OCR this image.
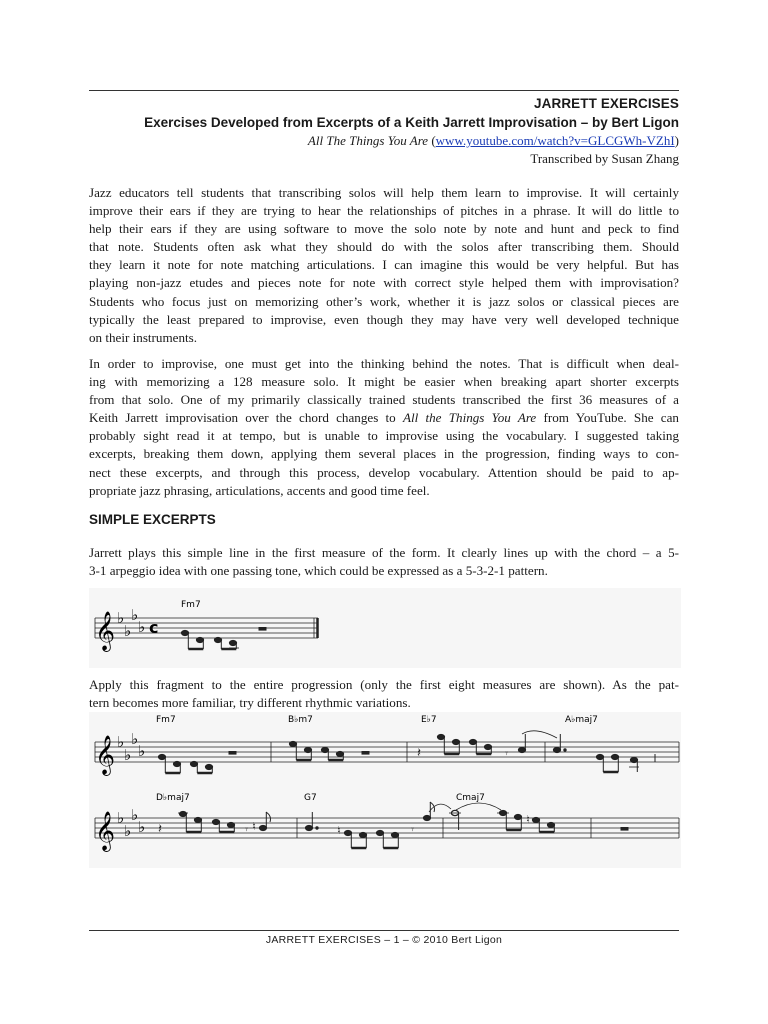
JARRETT EXERCISES
Exercises Developed from Excerpts of a Keith Jarrett Improvisation – by Bert Ligon
All The Things You Are (www.youtube.com/watch?v=GLCGWh-VZhI)
Transcribed by Susan Zhang
Jazz educators tell students that transcribing solos will help them learn to improvise. It will certainly
improve their ears if they are trying to hear the relationships of pitches in a phrase. It will do little to
help their ears if they are using software to move the solo note by note and hunt and peck to find
that note. Students often ask what they should do with the solos after transcribing them. Should
they learn it note for note matching articulations. I can imagine this would be very helpful. But has
playing non-jazz etudes and pieces note for note with correct style helped them with improvisation?
Students who focus just on memorizing other’s work, whether it is jazz solos or classical pieces are
typically the least prepared to improvise, even though they may have very well developed technique
on their instruments.
In order to improvise, one must get into the thinking behind the notes. That is difficult when deal-
ing with memorizing a 128 measure solo. It might be easier when breaking apart shorter excerpts
from that solo. One of my primarily classically trained students transcribed the first 36 measures of a
Keith Jarrett improvisation over the chord changes to All the Things You Are from YouTube. She can
probably sight read it at tempo, but is unable to improvise using the vocabulary. I suggested taking
excerpts, breaking them down, applying them several places in the progression, finding ways to con-
nect these excerpts, and through this process, develop vocabulary. Attention should be paid to ap-
propriate jazz phrasing, articulations, accents and good time feel.
SIMPLE EXCERPTS
Jarrett plays this simple line in the first measure of the form. It clearly lines up with the chord – a 5-
3-1 arpeggio idea with one passing tone, which could be expressed as a 5-3-2-1 pattern.
Fm7
𝄞 ♭
♭
♭
♭ c
Apply this fragment to the entire progression (only the first eight measures are shown). As the pat-
tern becomes more familiar, try different rhythmic variations.
Fm7	B♭m7	E♭7	A♭maj7
𝄞 ♭
♭
♭
♭	𝄽	𝄾
D♭maj7	G7	Cmaj7
𝄞 ♭
♭
♭
♭ 𝄽	𝄾 ♮	♮	𝄾
♮
JARRETT EXERCISES – 1 – © 2010 Bert Ligon
